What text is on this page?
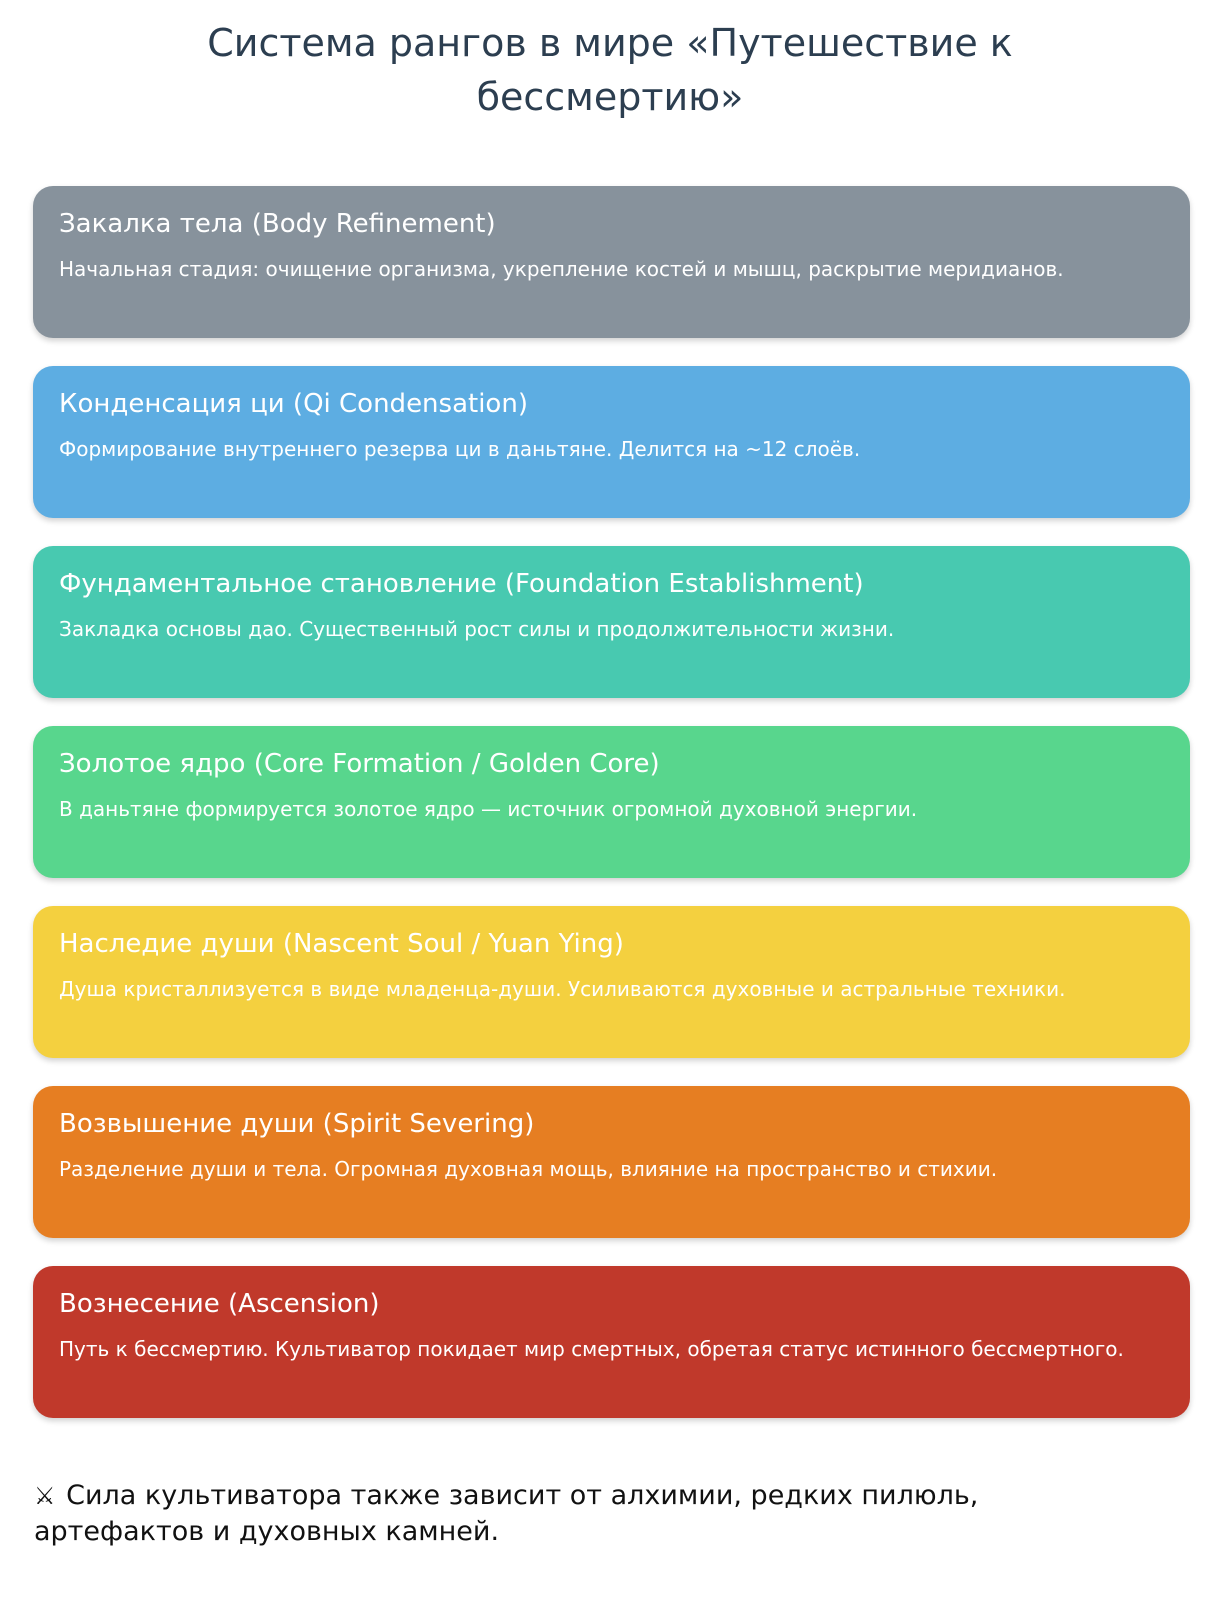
Система рангов в мире «Путешествие к бессмертию»
Закалка тела (Body Refinement)
Начальная стадия: очищение организма, укрепление костей и мышц, раскрытие меридианов.
Конденсация ци (Qi Condensation)
Формирование внутреннего резерва ци в даньтяне. Делится на ~12 слоёв.
Фундаментальное становление (Foundation Establishment)
Закладка основы дао. Существенный рост силы и продолжительности жизни.
Золотое ядро (Core Formation / Golden Core)
В даньтяне формируется золотое ядро — источник огромной духовной энергии.
Наследие души (Nascent Soul / Yuan Ying)
Душа кристаллизуется в виде младенца-души. Усиливаются духовные и астральные техники.
Возвышение души (Spirit Severing)
Разделение души и тела. Огромная духовная мощь, влияние на пространство и стихии.
Вознесение (Ascension)
Путь к бессмертию. Культиватор покидает мир смертных, обретая статус истинного бессмертного.

⚔ Сила культиватора также зависит от алхимии, редких пилюль, артефактов и духовных камней.
